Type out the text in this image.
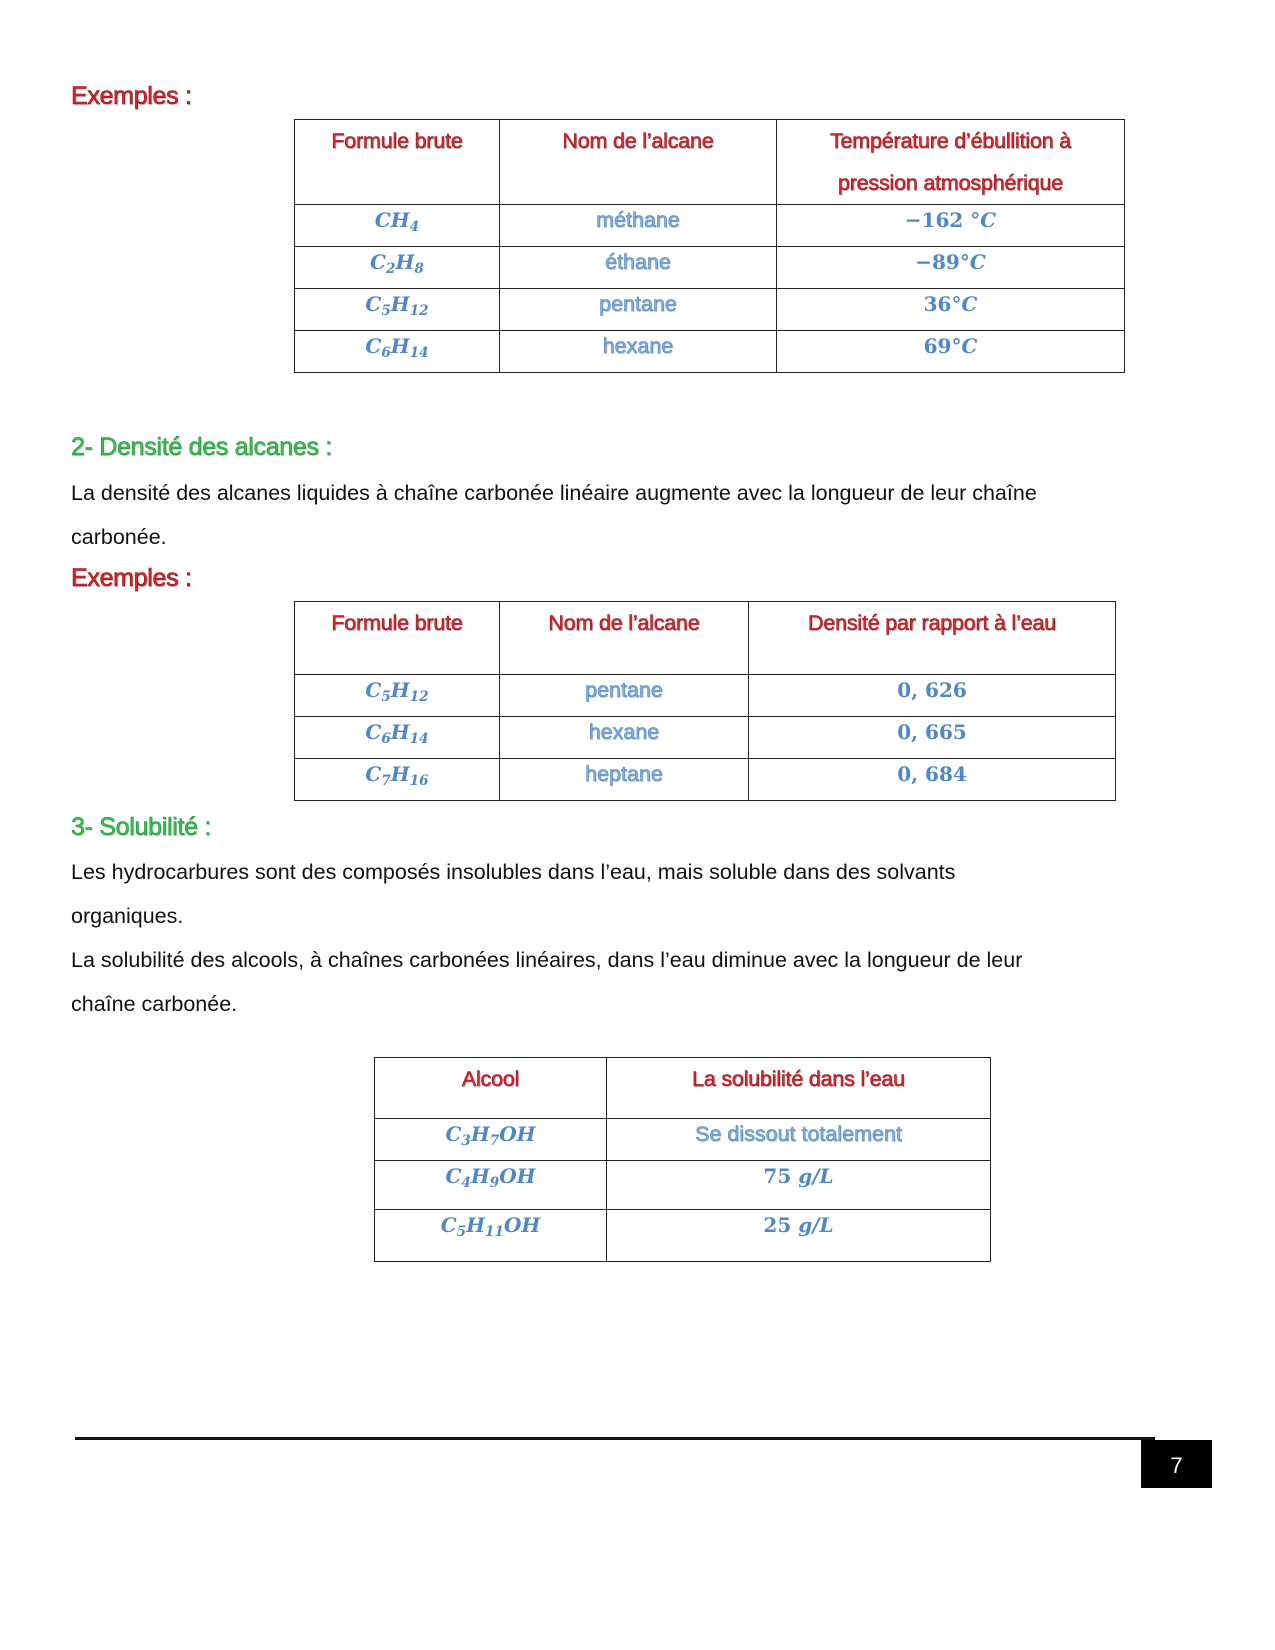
Exemples :
Formule brute	Nom de l’alcane	Température d’ébullition à
pression atmosphérique
$CH_4$	méthane	−162 °C
$C_2H_8$	éthane	−89°C
$C_5H_{12}$	pentane	36°C
$C_6H_{14}$	hexane	69°C
2- Densité des alcanes :
La densité des alcanes liquides à chaîne carbonée linéaire augmente avec la longueur de leur chaîne
carbonée.
Exemples :
Formule brute	Nom de l’alcane	Densité par rapport à l’eau
$C_5H_{12}$	pentane	0, 626
$C_6H_{14}$	hexane	0, 665
$C_7H_{16}$	heptane	0, 684
3- Solubilité :
Les hydrocarbures sont des composés insolubles dans l’eau, mais soluble dans des solvants
organiques.
La solubilité des alcools, à chaînes carbonées linéaires, dans l’eau diminue avec la longueur de leur
chaîne carbonée.
Alcool	La solubilité dans l’eau
$C_3H_7OH$	Se dissout totalement
$C_4H_9OH$	75 g/L
$C_5H_{11}OH$	25 g/L
7
